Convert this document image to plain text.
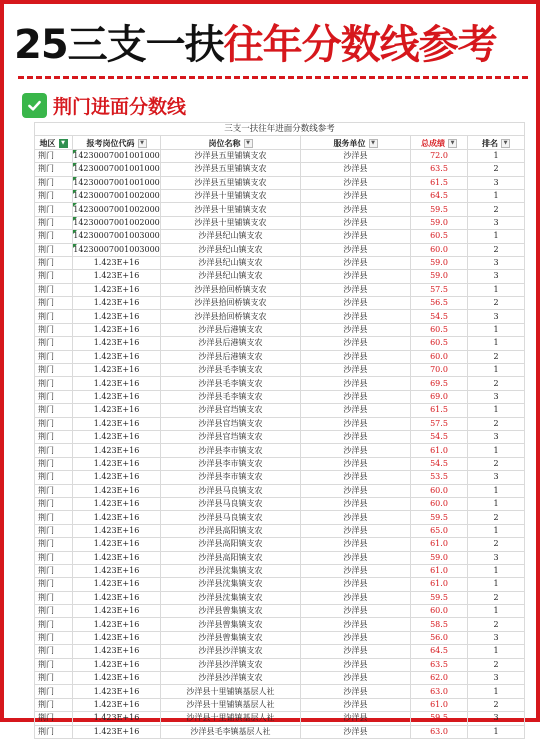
25三支一扶往年分数线参考
荆门进面分数线
三支一扶往年进面分数线参考					
地区 ▼	报考岗位代码 ▼	岗位名称 ▼	服务单位 ▼	总成绩 ▼	排名 ▼
荆门	14230007001001000	沙洋县五里铺镇支农	沙洋县	72.0	1
荆门	14230007001001000	沙洋县五里铺镇支农	沙洋县	63.5	2
荆门	14230007001001000	沙洋县五里铺镇支农	沙洋县	61.5	3
荆门	14230007001002000	沙洋县十里铺镇支农	沙洋县	64.5	1
荆门	14230007001002000	沙洋县十里铺镇支农	沙洋县	59.5	2
荆门	14230007001002000	沙洋县十里铺镇支农	沙洋县	59.0	3
荆门	14230007001003000	沙洋县纪山镇支农	沙洋县	60.5	1
荆门	14230007001003000	沙洋县纪山镇支农	沙洋县	60.0	2
荆门	1.423E+16	沙洋县纪山镇支农	沙洋县	59.0	3
荆门	1.423E+16	沙洋县纪山镇支农	沙洋县	59.0	3
荆门	1.423E+16	沙洋县拾回桥镇支农	沙洋县	57.5	1
荆门	1.423E+16	沙洋县拾回桥镇支农	沙洋县	56.5	2
荆门	1.423E+16	沙洋县拾回桥镇支农	沙洋县	54.5	3
荆门	1.423E+16	沙洋县后港镇支农	沙洋县	60.5	1
荆门	1.423E+16	沙洋县后港镇支农	沙洋县	60.5	1
荆门	1.423E+16	沙洋县后港镇支农	沙洋县	60.0	2
荆门	1.423E+16	沙洋县毛李镇支农	沙洋县	70.0	1
荆门	1.423E+16	沙洋县毛李镇支农	沙洋县	69.5	2
荆门	1.423E+16	沙洋县毛李镇支农	沙洋县	69.0	3
荆门	1.423E+16	沙洋县官垱镇支农	沙洋县	61.5	1
荆门	1.423E+16	沙洋县官垱镇支农	沙洋县	57.5	2
荆门	1.423E+16	沙洋县官垱镇支农	沙洋县	54.5	3
荆门	1.423E+16	沙洋县李市镇支农	沙洋县	61.0	1
荆门	1.423E+16	沙洋县李市镇支农	沙洋县	54.5	2
荆门	1.423E+16	沙洋县李市镇支农	沙洋县	53.5	3
荆门	1.423E+16	沙洋县马良镇支农	沙洋县	60.0	1
荆门	1.423E+16	沙洋县马良镇支农	沙洋县	60.0	1
荆门	1.423E+16	沙洋县马良镇支农	沙洋县	59.5	2
荆门	1.423E+16	沙洋县高阳镇支农	沙洋县	65.0	1
荆门	1.423E+16	沙洋县高阳镇支农	沙洋县	61.0	2
荆门	1.423E+16	沙洋县高阳镇支农	沙洋县	59.0	3
荆门	1.423E+16	沙洋县沈集镇支农	沙洋县	61.0	1
荆门	1.423E+16	沙洋县沈集镇支农	沙洋县	61.0	1
荆门	1.423E+16	沙洋县沈集镇支农	沙洋县	59.5	2
荆门	1.423E+16	沙洋县曾集镇支农	沙洋县	60.0	1
荆门	1.423E+16	沙洋县曾集镇支农	沙洋县	58.5	2
荆门	1.423E+16	沙洋县曾集镇支农	沙洋县	56.0	3
荆门	1.423E+16	沙洋县沙洋镇支农	沙洋县	64.5	1
荆门	1.423E+16	沙洋县沙洋镇支农	沙洋县	63.5	2
荆门	1.423E+16	沙洋县沙洋镇支农	沙洋县	62.0	3
荆门	1.423E+16	沙洋县十里铺镇基层人社	沙洋县	63.0	1
荆门	1.423E+16	沙洋县十里铺镇基层人社	沙洋县	61.0	2
荆门	1.423E+16	沙洋县十里铺镇基层人社	沙洋县	59.5	3
荆门	1.423E+16	沙洋县毛李镇基层人社	沙洋县	63.0	1
